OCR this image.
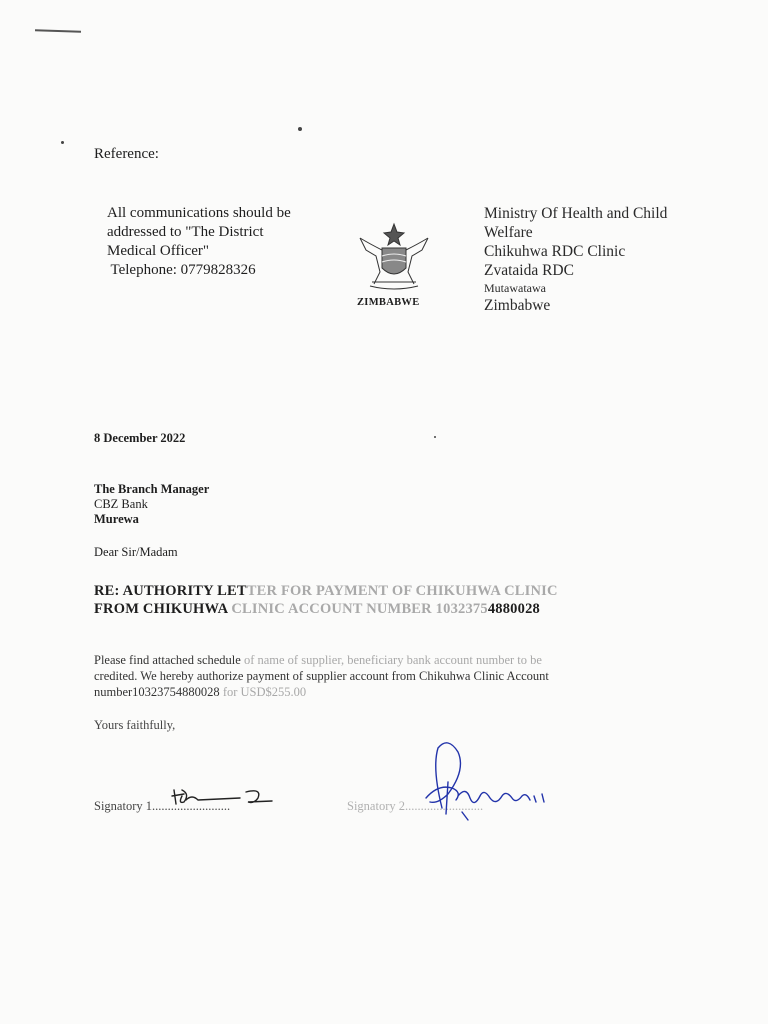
Reference:
All communications should be
addressed to "The District
Medical Officer"
Telephone: 0779828326
ZIMBABWE
Ministry Of Health and Child
Welfare
Chikuhwa RDC Clinic
Zvataida RDC
Mutawatawa
Zimbabwe
8 December 2022
The Branch Manager
CBZ Bank
Murewa
Dear Sir/Madam
RE: AUTHORITY LETTER FOR PAYMENT OF CHIKUHWA CLINIC
FROM CHIKUHWA CLINIC ACCOUNT NUMBER 10323754880028
Please find attached schedule of name of supplier, beneficiary bank account number to be
credited. We hereby authorize payment of supplier account from Chikuhwa Clinic Account
number10323754880028 for USD$255.00
Yours faithfully,
Signatory 1.........................	Signatory 2.........................
